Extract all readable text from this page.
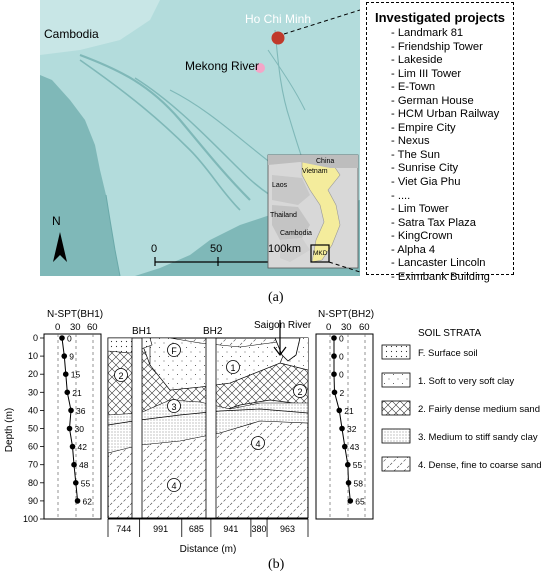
Cambodia
Ho Chi Minh
Mekong River
N
0	50	100km
China
Vietnam
Laos
Thailand
Cambodia
MKD
Investigated projects
- Landmark 81
- Friendship Tower
- Lakeside
- Lim III Tower
- E-Town
- German House
- HCM Urban Railway
- Empire City
- Nexus
- The Sun
- Sunrise City
- Viet Gia Phu
- ....
- Lim Tower
- Satra Tax Plaza
- KingCrown
- Alpha 4
- Lancaster Lincoln
- Eximbank Building
(a)
N-SPT(BH1)
0 30 60
0
9
15
21
36
30
42
48
55
62
0
10
20
30
40
50
60
70
80
90
100
Depth (m)
BH1	BH2
Saigon River
F
1
2
2
3
4
4
N-SPT(BH2)
0 30 60
0
0
0
2
21
32
43
55
58
65
744 991 685 941 380 963
Distance (m)
SOIL STRATA
F. Surface soil
1. Soft to very soft clay
2. Fairly dense medium sand
3. Medium to stiff sandy clay
4. Dense, fine to coarse sand
(b)
